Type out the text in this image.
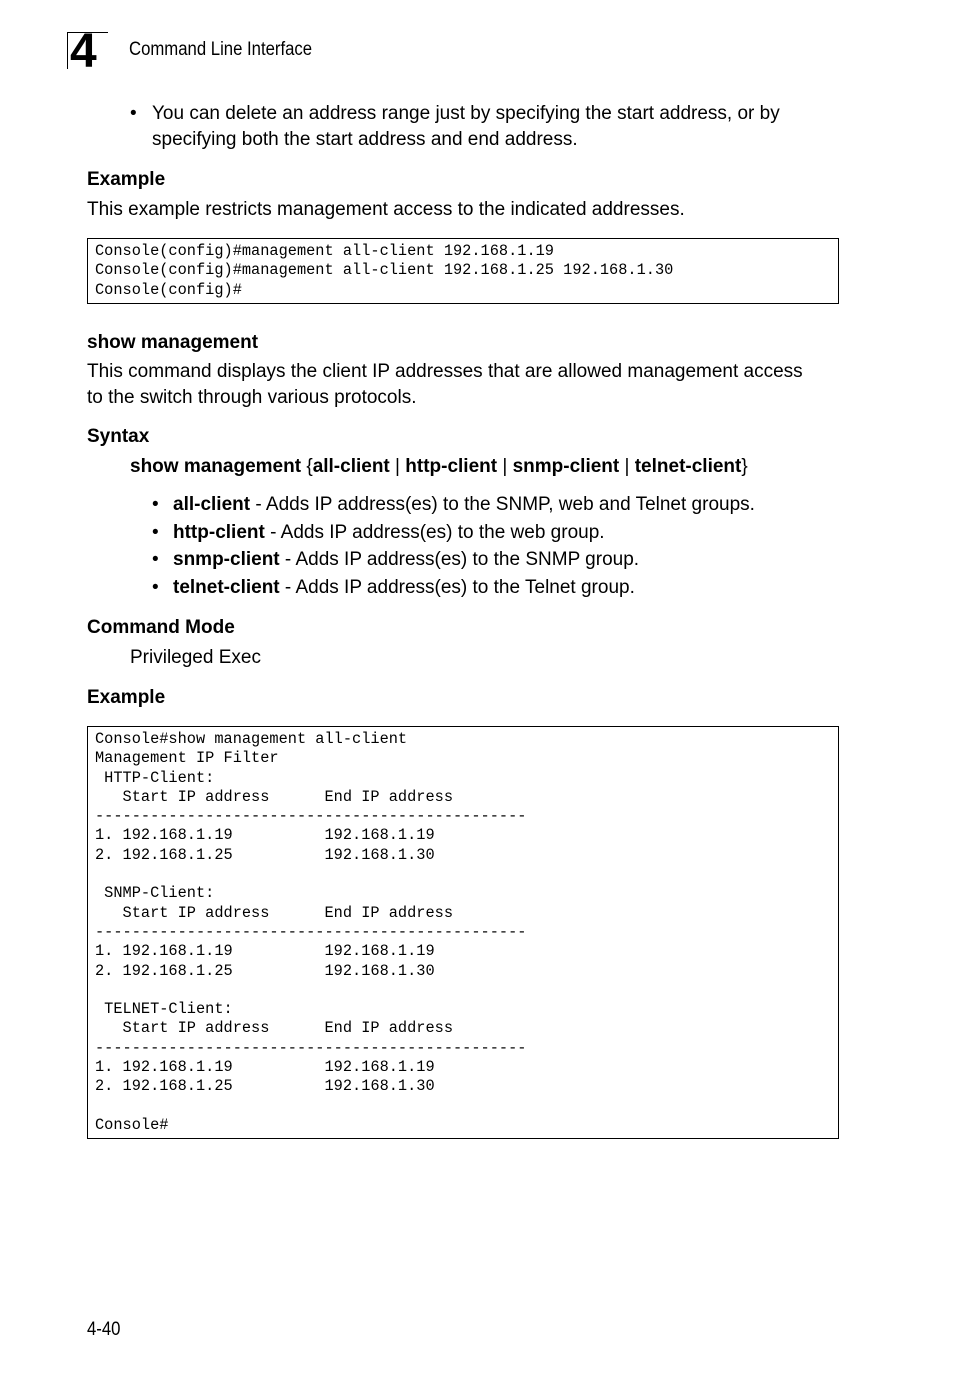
4 Command Line Interface
• You can delete an address range just by specifying the start address, or by specifying both the start address and end address.
Example
This example restricts management access to the indicated addresses.
Console(config)#management all-client 192.168.1.19
Console(config)#management all-client 192.168.1.25 192.168.1.30
Console(config)#
show management
This command displays the client IP addresses that are allowed management access to the switch through various protocols.
Syntax
show management {all-client | http-client | snmp-client | telnet-client}
• all-client - Adds IP address(es) to the SNMP, web and Telnet groups.
• http-client - Adds IP address(es) to the web group.
• snmp-client - Adds IP address(es) to the SNMP group.
• telnet-client - Adds IP address(es) to the Telnet group.
Command Mode
Privileged Exec
Example
Console#show management all-client
Management IP Filter
HTTP-Client:
Start IP address      End IP address
-----------------------------------------------
1. 192.168.1.19          192.168.1.19
2. 192.168.1.25          192.168.1.30

SNMP-Client:
Start IP address      End IP address
-----------------------------------------------
1. 192.168.1.19          192.168.1.19
2. 192.168.1.25          192.168.1.30

TELNET-Client:
Start IP address      End IP address
-----------------------------------------------
1. 192.168.1.19          192.168.1.19
2. 192.168.1.25          192.168.1.30

Console#
4-40
